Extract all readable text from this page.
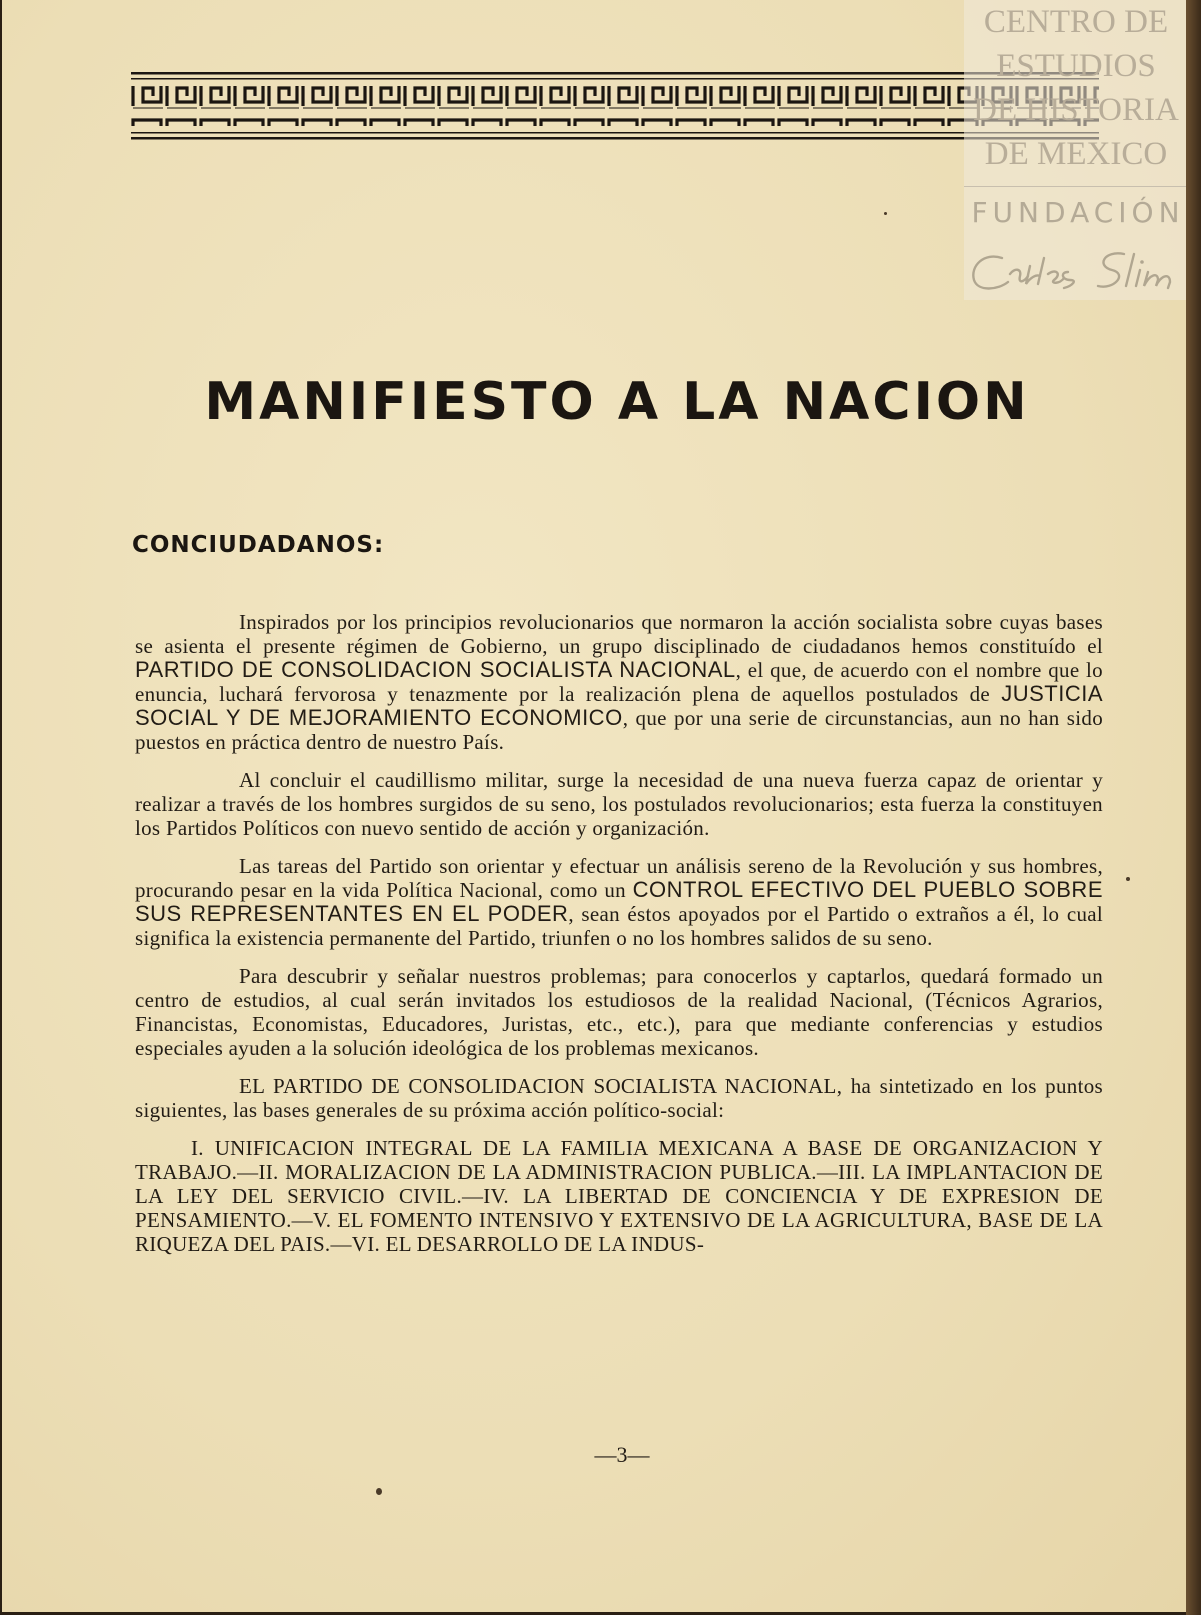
CENTRO DE
ESTUDIOS
DE HISTORIA
DE MEXICO
FUNDACIÓN
MANIFIESTO A LA NACION
CONCIUDADANOS:

Inspirados por los principios revolucionarios que normaron la acción socialista sobre cuyas bases se asienta el presente régimen de Gobierno, un grupo disciplinado de ciudadanos hemos constituído el PARTIDO DE CONSOLIDACION SOCIALISTA NACIONAL, el que, de acuerdo con el nombre que lo enuncia, luchará fervorosa y tenazmente por la realización plena de aquellos postulados de JUSTICIA SOCIAL Y DE MEJORAMIENTO ECONOMICO, que por una serie de circunstancias, aun no han sido puestos en práctica dentro de nuestro País.

Al concluir el caudillismo militar, surge la necesidad de una nueva fuerza capaz de orientar y realizar a través de los hombres surgidos de su seno, los postulados revolucionarios; esta fuerza la constituyen los Partidos Políticos con nuevo sentido de acción y organización.

Las tareas del Partido son orientar y efectuar un análisis sereno de la Revolución y sus hombres, procurando pesar en la vida Política Nacional, como un CONTROL EFECTIVO DEL PUEBLO SOBRE SUS REPRESENTANTES EN EL PODER, sean éstos apoyados por el Partido o extraños a él, lo cual significa la existencia permanente del Partido, triunfen o no los hombres salidos de su seno.

Para descubrir y señalar nuestros problemas; para conocerlos y captarlos, quedará formado un centro de estudios, al cual serán invitados los estudiosos de la realidad Nacional, (Técnicos Agrarios, Financistas, Economistas, Educadores, Juristas, etc., etc.), para que mediante conferencias y estudios especiales ayuden a la solución ideológica de los problemas mexicanos.

EL PARTIDO DE CONSOLIDACION SOCIALISTA NACIONAL, ha sintetizado en los puntos siguientes, las bases generales de su próxima acción político-social:

I. UNIFICACION INTEGRAL DE LA FAMILIA MEXICANA A BASE DE ORGANIZACION Y TRABAJO.—II. MORALIZACION DE LA ADMINISTRACION PUBLICA.—III. LA IMPLANTACION DE LA LEY DEL SERVICIO CIVIL.—IV. LA LIBERTAD DE CONCIENCIA Y DE EXPRESION DE PENSAMIENTO.—V. EL FOMENTO INTENSIVO Y EXTENSIVO DE LA AGRICULTURA, BASE DE LA RIQUEZA DEL PAIS.—VI. EL DESARROLLO DE LA INDUS-

—3—
